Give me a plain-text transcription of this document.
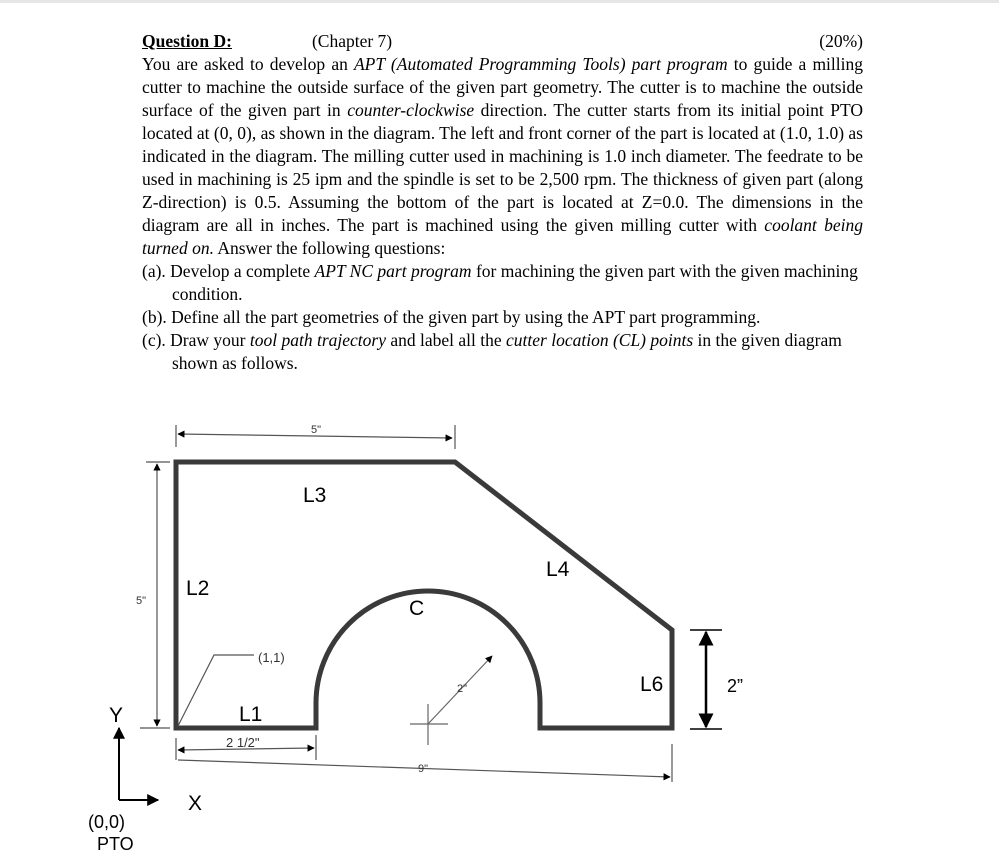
Question D:	(Chapter 7)	(20%)
You are asked to develop an APT (Automated Programming Tools) part program to guide a milling cutter to machine the outside surface of the given part geometry. The cutter is to machine the outside surface of the given part in counter-clockwise direction. The cutter starts from its initial point PTO located at (0, 0), as shown in the diagram. The left and front corner of the part is located at (1.0, 1.0) as indicated in the diagram. The milling cutter used in machining is 1.0 inch diameter. The feedrate to be used in machining is 25 ipm and the spindle is set to be 2,500 rpm. The thickness of given part (along Z-direction) is 0.5. Assuming the bottom of the part is located at Z=0.0. The dimensions in the diagram are all in inches. The part is machined using the given milling cutter with coolant being turned on. Answer the following questions:
(a). Develop a complete APT NC part program for machining the given part with the given machining condition.
(b). Define all the part geometries of the given part by using the APT part programming.
(c). Draw your tool path trajectory and label all the cutter location (CL) points in the given diagram shown as follows.
5"
5"
L3
L2
L4
C
L6
L1
(1,1)
2"
2 1/2"
9"
2”
Y
X
(0,0)
PTO
